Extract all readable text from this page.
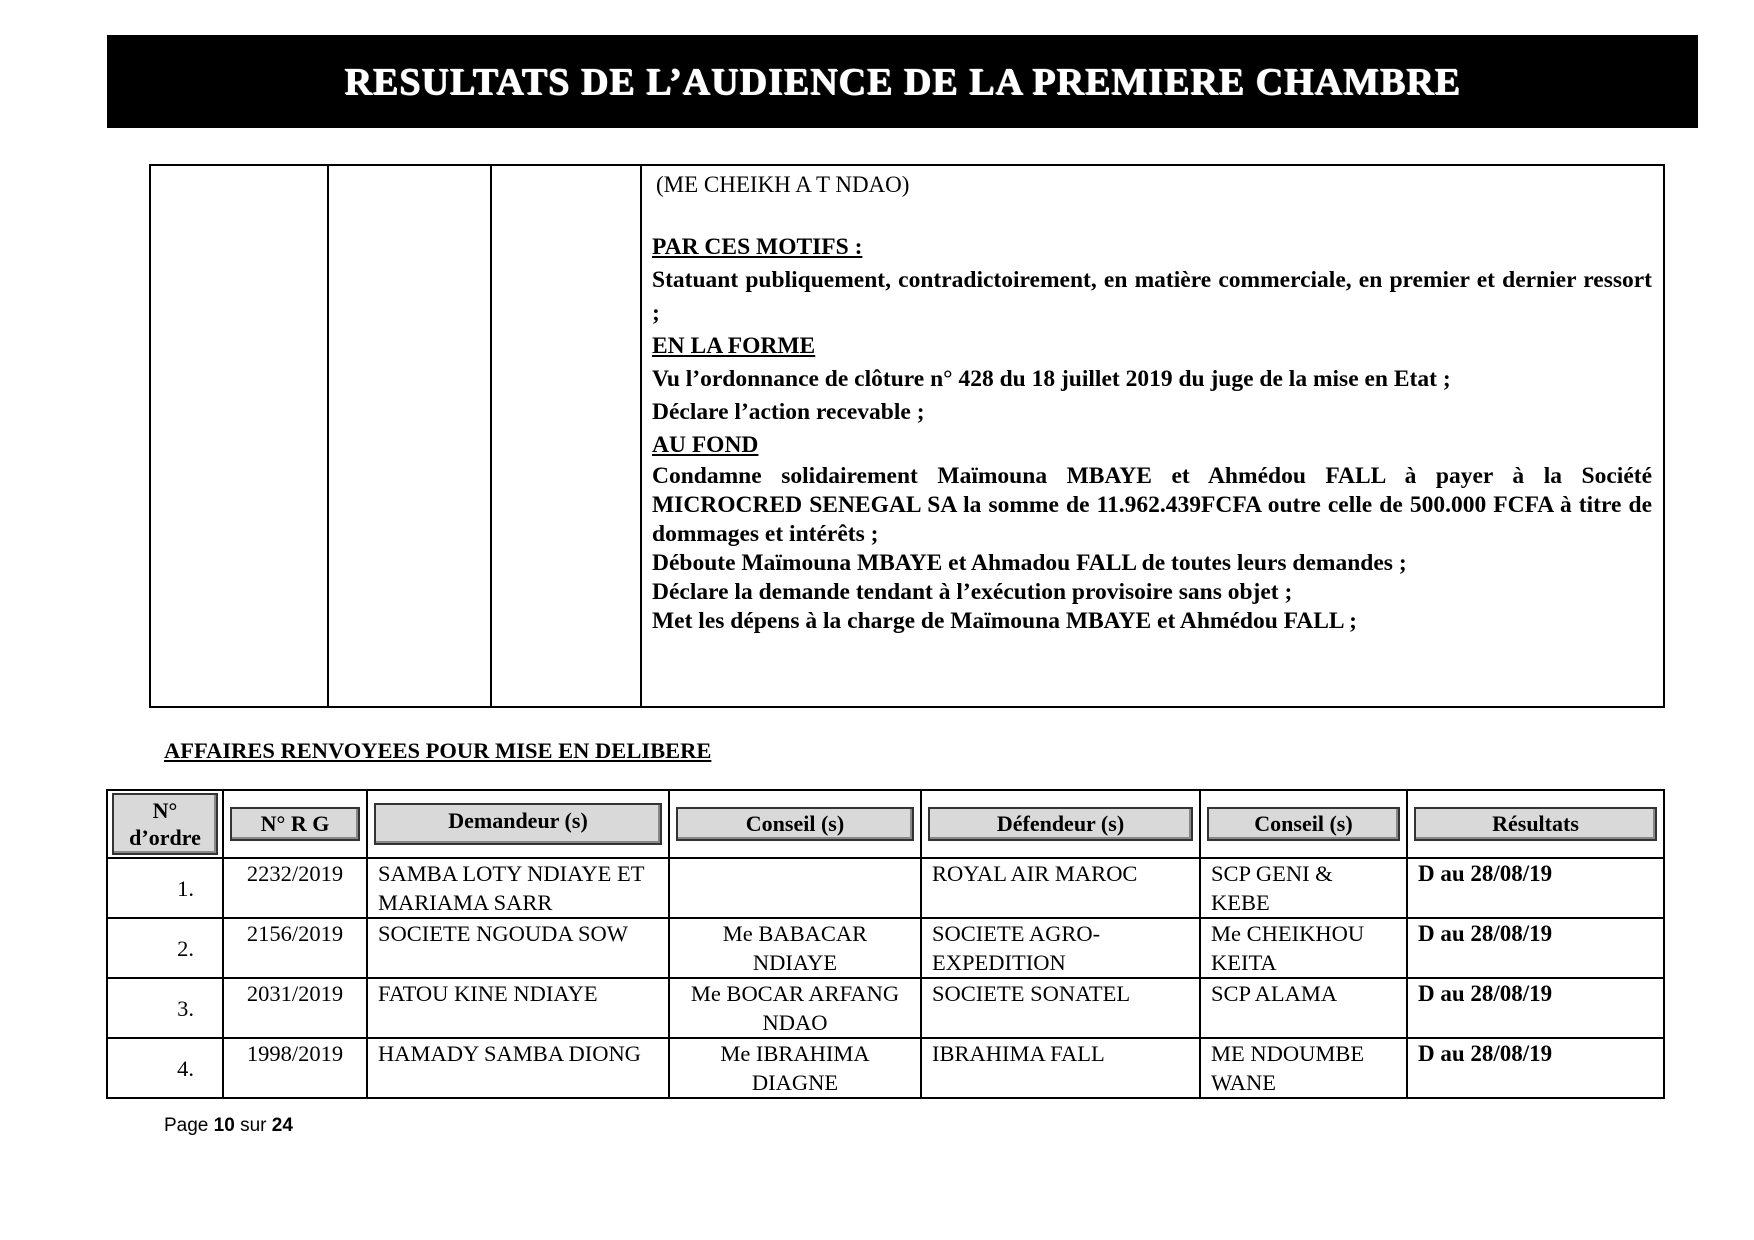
RESULTATS DE L’AUDIENCE DE LA PREMIERE CHAMBRE

(ME CHEIKH A T NDAO)

PAR CES MOTIFS :

Statuant publiquement, contradictoirement, en matière commerciale, en premier et dernier ressort ;

EN LA FORME

Vu l’ordonnance de clôture n° 428 du 18 juillet 2019 du juge de la mise en Etat ;

Déclare l’action recevable ;

AU FOND

Condamne solidairement Maïmouna MBAYE et Ahmédou FALL à payer à la Société MICROCRED SENEGAL SA la somme de 11.962.439FCFA outre celle de 500.000 FCFA à titre de dommages et intérêts ;

Déboute Maïmouna MBAYE et Ahmadou FALL de toutes leurs demandes ;

Déclare la demande tendant à l’exécution provisoire sans objet ;

Met les dépens à la charge de Maïmouna MBAYE et Ahmédou FALL ;

AFFAIRES RENVOYEES POUR MISE EN DELIBERE
N°
d’ordre	N° R G	Demandeur (s)	Conseil (s)	Défendeur (s)	Conseil (s)	Résultats

1.	2232/2019	SAMBA LOTY NDIAYE ET MARIAMA SARR		ROYAL AIR MAROC	SCP GENI & KEBE	D au 28/08/19
2.	2156/2019	SOCIETE NGOUDA SOW	Me BABACAR NDIAYE	SOCIETE AGRO-EXPEDITION	Me CHEIKHOU KEITA	D au 28/08/19
3.	2031/2019	FATOU KINE NDIAYE	Me BOCAR ARFANG NDAO	SOCIETE SONATEL	SCP ALAMA	D au 28/08/19
4.	1998/2019	HAMADY SAMBA DIONG	Me IBRAHIMA DIAGNE	IBRAHIMA FALL	ME NDOUMBE WANE	D au 28/08/19
Page 10 sur 24
